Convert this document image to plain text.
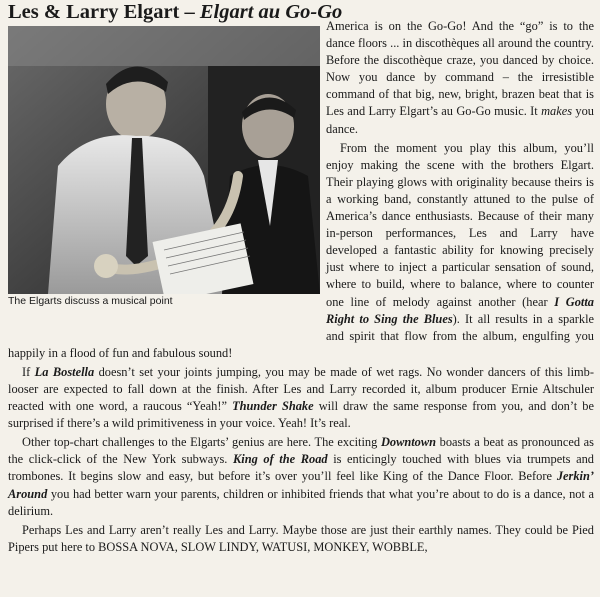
Les & Larry Elgart – Elgart au Go-Go

America is on the Go-Go! And the “go” is to the dance floors ... in discothèques all around the country. Before the discothèque craze, you danced by choice. Now you dance by command – the irresistible command of that big, new, bright, brazen beat that is Les and Larry Elgart’s au Go-Go music. It makes you dance.

From the moment you play this album, you’ll enjoy making the scene with the brothers Elgart. Their playing glows with originality because theirs is a working band, constantly attuned to the pulse of America’s dance enthusiasts. Because of their many in-person performances, Les and Larry have developed a fantastic ability for knowing precisely just where to inject a particular sensation of sound, where to build, where to balance, where to counter one line of melody against another (hear I Gotta Right to Sing the Blues). It all results in a sparkle and spirit that flow from the album, engulfing you happily in a flood of fun and fabulous sound!

If La Bostella doesn’t set your joints jumping, you may be made of wet rags. No wonder dancers of this limb-looser are expected to fall down at the finish. After Les and Larry recorded it, album producer Ernie Altschuler reacted with one word, a raucous “Yeah!” Thunder Shake will draw the same response from you, and don’t be surprised if there’s a wild primitiveness in your voice. Yeah! It’s real.

Other top-chart challenges to the Elgarts’ genius are here. The exciting Downtown boasts a beat as pronounced as the click-click of the New York subways. King of the Road is enticingly touched with blues via trumpets and trombones. It begins slow and easy, but before it’s over you’ll feel like King of the Dance Floor. Before Jerkin’ Around you had better warn your parents, children or inhibited friends that what you’re about to do is a dance, not a delirium.

Perhaps Les and Larry aren’t really Les and Larry. Maybe those are just their earthly names. They could be Pied Pipers put here to BOSSA NOVA, SLOW LINDY, WATUSI, MONKEY, WOBBLE,

The Elgarts discuss a musical point
